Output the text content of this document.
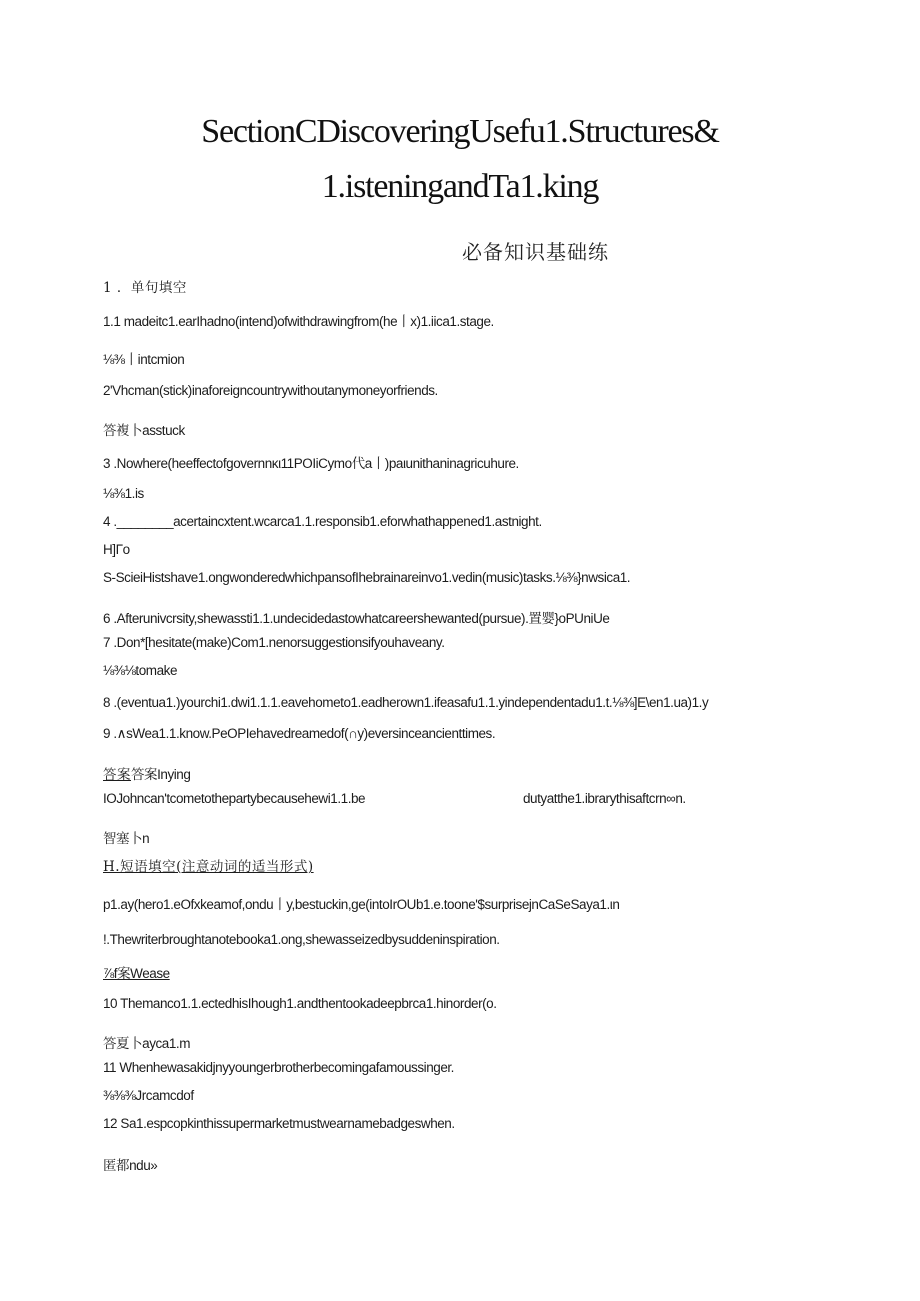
SectionCDiscoveringUsefu1.Structures&
1.isteningandTa1.king
必备知识基础练
1 ．单句填空
1.1 madeitc1.earIhadno(intend)ofwithdrawingfrom(he丨x)1.iica1.stage.
⅛⅜丨intcmion
2'Vhcman(stick)inaforeigncountrywithoutanymoneyorfriends.
答複卜asstuck
3 .Nowhere(heeffectofgovernnκι11POIiCymo代a丨)paιunithaninagricuhure.
⅛⅜1.is
4 .________acertaincxtent.wcarca1.1.responsib1.eforwhathappened1.astnight.
H]Γo
S-ScieiHistshave1.ongwonderedwhichpansofIhebrainareinvo1.vedin(music)tasks.⅛⅜}nwsica1.
6 .Afterunivcrsity,shewassti1.1.undecidedastowhatcareershewanted(pursue).置婴}oPUniUe
7 .Don*[hesitate(make)Com1.nenorsuggestionsifyouhaveany.
⅛⅜⅛tomake
8 .(eventua1.)yourchi1.dwi1.1.1.eavehometo1.eadherown1.ifeasafu1.1.yindependentadu1.t.⅛⅜]E\en1.ua)1.y
9 .∧sWea1.1.know.PeOPIehavedreamedof(∩y)eversinceancienttimes.
答案答案Inying
IOJohncan'tcometothepartybecausehewi1.1.be	dutyatthe1.ibrarythisaftcrn∞n.
智塞卜n
H.短语填空(注意动词的适当形式)
p1.ay(hero1.eOfxkeamof,ondu丨y,bestuckin,ge(intoIrOUb1.e.toone'$surprisejnCaSeSaya1.ιn
!.Thewriterbroughtanotebooka1.ong,shewasseizedbysuddeninspiration.
⅞f案Wease
10 Themanco1.1.ectedhisIhough1.andthentookadeepbrca1.hinorder(o.
答夏卜ayca1.m
11 Whenhewasakidjnyyoungerbrotherbecomingafamoussinger.
⅜⅜⅜Jrcamcdof
12 Sa1.espcopkinthissupermarketmustwearnamebadgeswhen.
匿都ndu»
